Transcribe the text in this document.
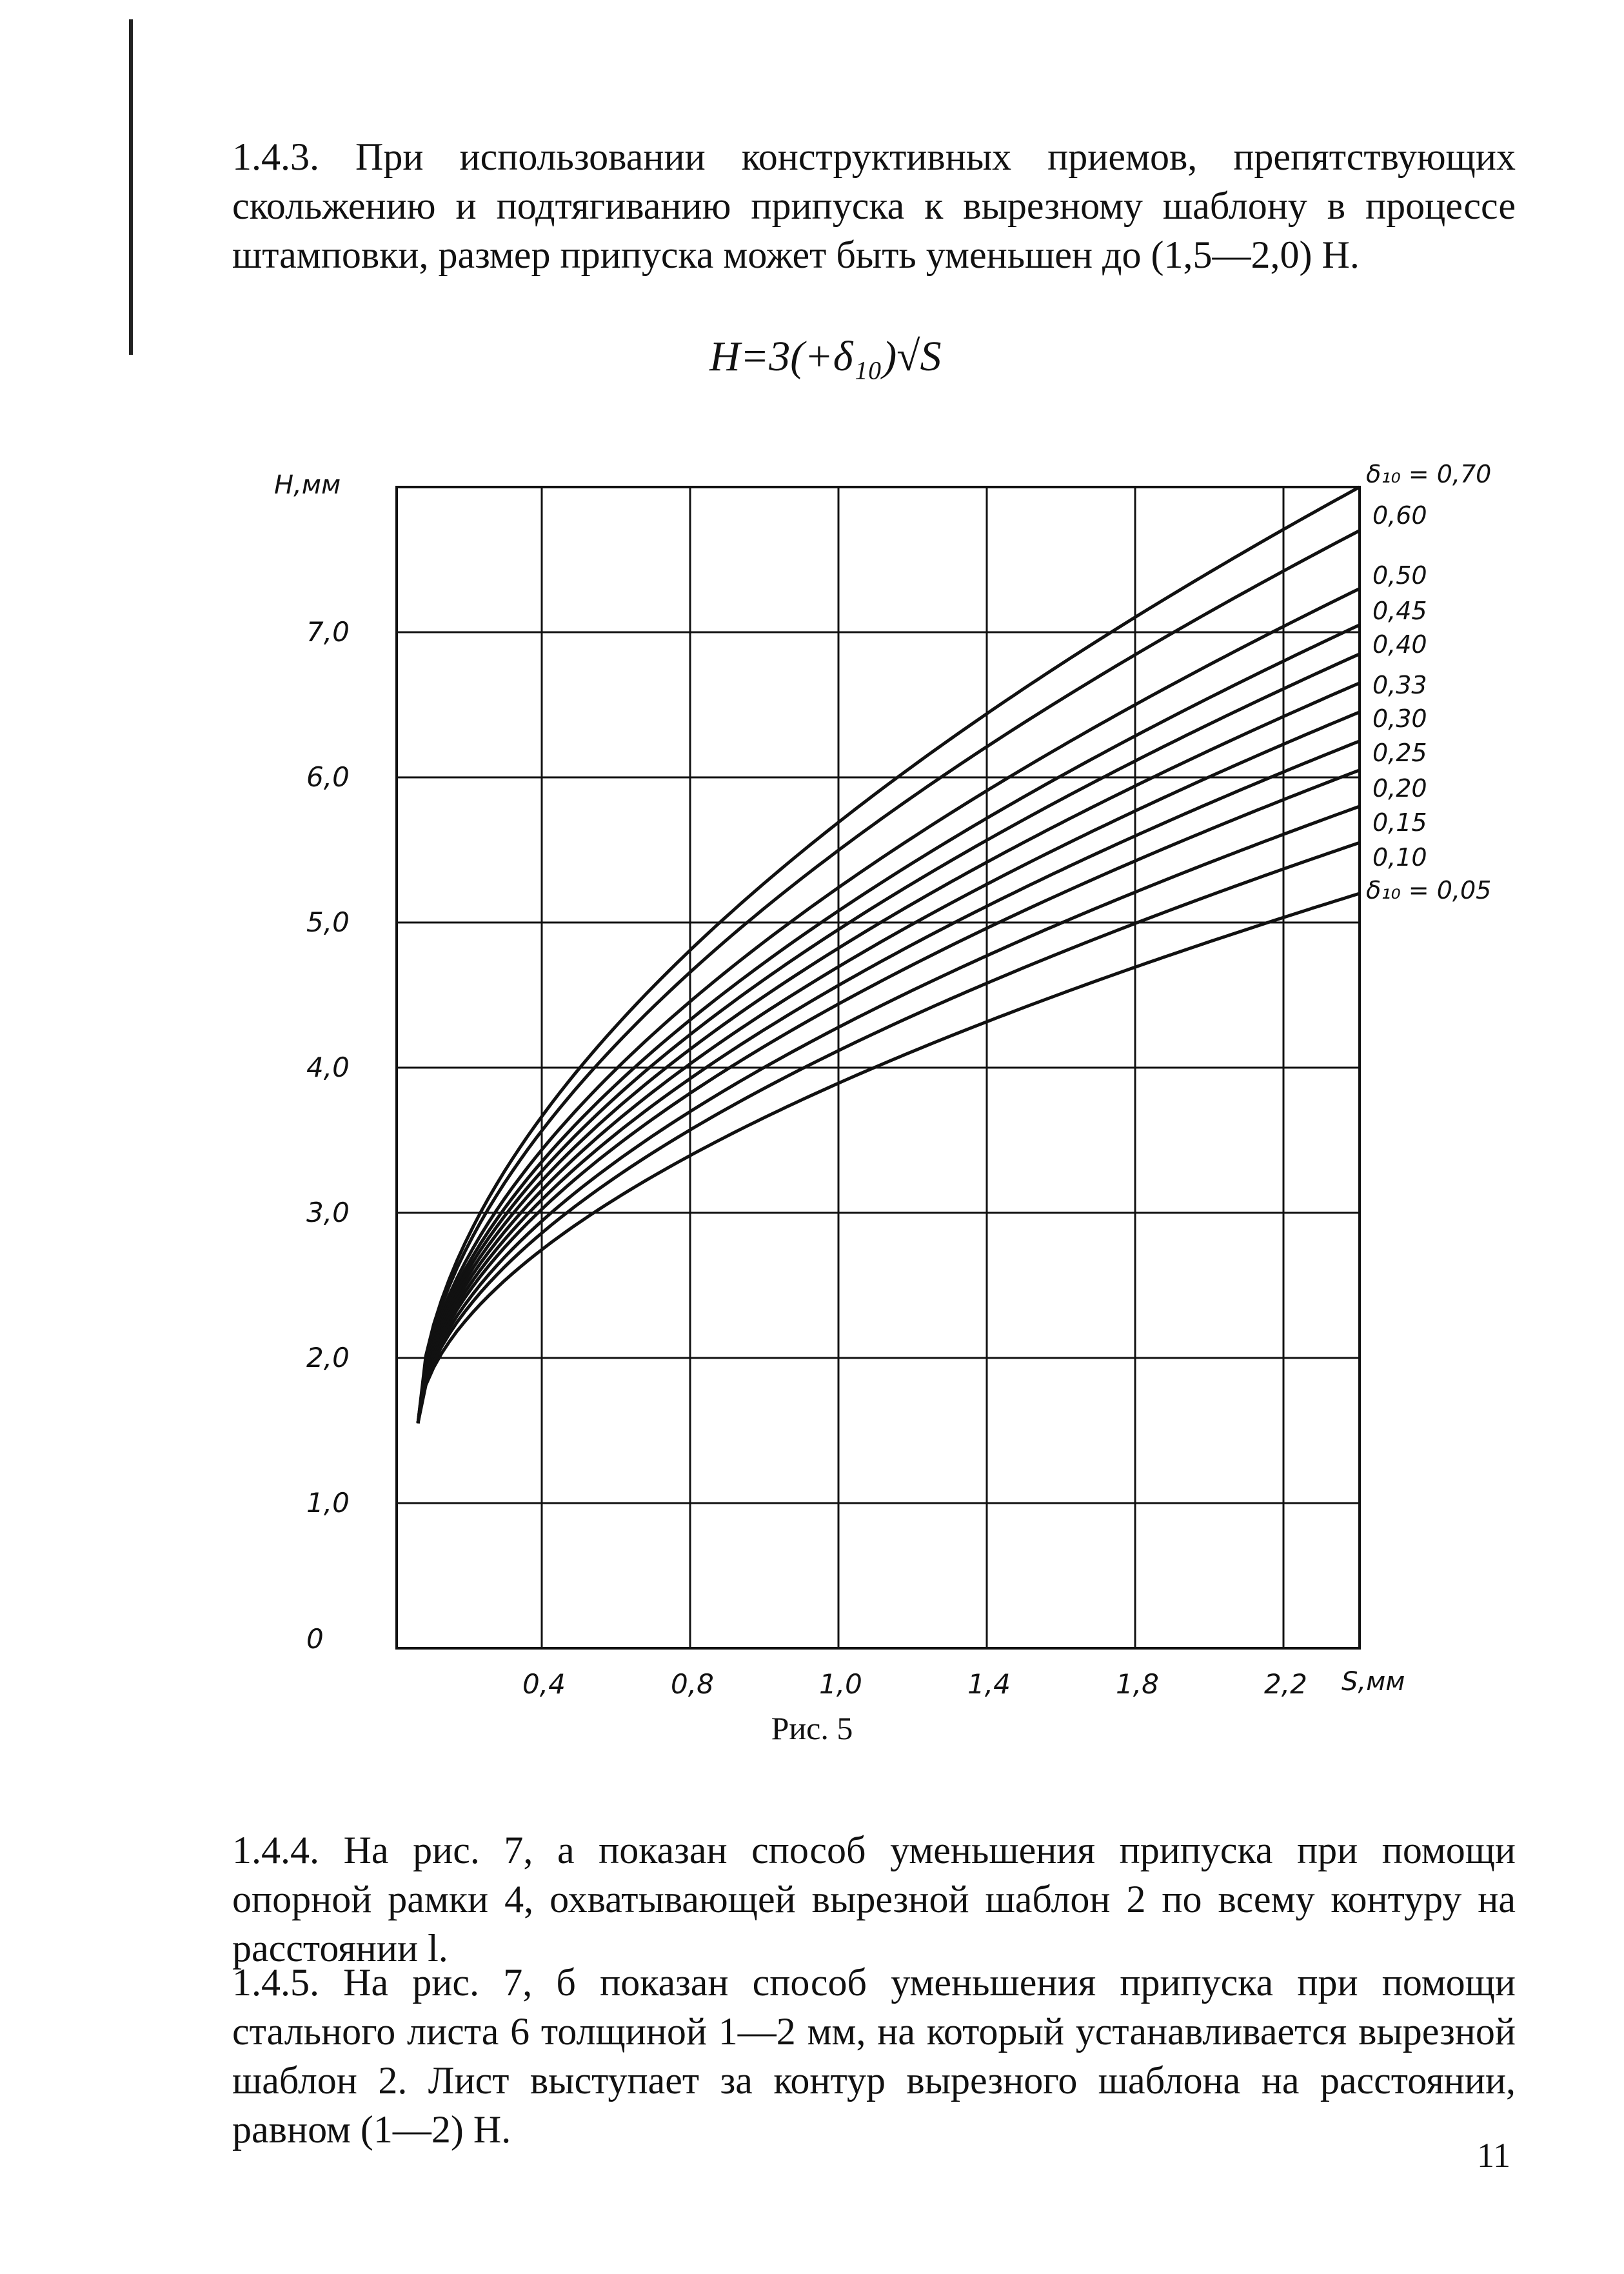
1.4.3. При использовании конструктивных приемов, препятствующих скольжению и подтягиванию припуска к вырезному шаблону в процессе штамповки, размер припуска может быть уменьшен до (1,5—2,0) H.

H=3(+δ₁₀)√S

0,4	0,8	1,0	1,4	1,8	2,2
0
1,0
2,0
3,0
4,0
5,0
6,0
7,0
δ₁₀ = 0,70
0,60
0,50
0,45
0,40
0,33
0,30
0,25
0,20
0,15
0,10
δ₁₀ = 0,05
H,мм
S,мм

Рис. 5

1.4.4. На рис. 7, а показан способ уменьшения припуска при помощи опорной рамки 4, охватывающей вырезной шаблон 2 по всему контуру на расстоянии l.

1.4.5. На рис. 7, б показан способ уменьшения припуска при помощи стального листа 6 толщиной 1—2 мм, на который устанавливается вырезной шаблон 2. Лист выступает за контур вырезного шаблона на расстоянии, равном (1—2) H.

11
